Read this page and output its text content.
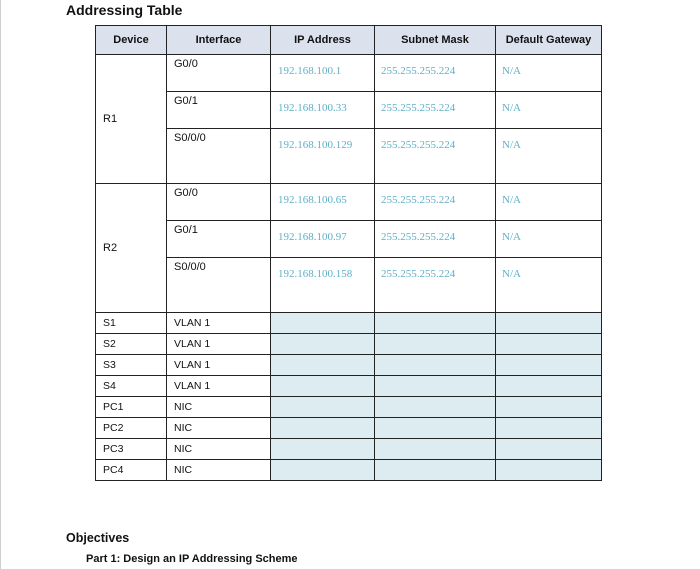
Addressing Table
Device	Interface	IP Address	Subnet Mask	Default Gateway
R1	G0/0	192.168.100.1	255.255.255.224	N/A
	G0/1	192.168.100.33	255.255.255.224	N/A
	S0/0/0	192.168.100.129	255.255.255.224	N/A
R2	G0/0	192.168.100.65	255.255.255.224	N/A
	G0/1	192.168.100.97	255.255.255.224	N/A
	S0/0/0	192.168.100.158	255.255.255.224	N/A
S1	VLAN 1			
S2	VLAN 1			
S3	VLAN 1			
S4	VLAN 1			
PC1	NIC			
PC2	NIC			
PC3	NIC			
PC4	NIC			
Objectives
Part 1: Design an IP Addressing Scheme
